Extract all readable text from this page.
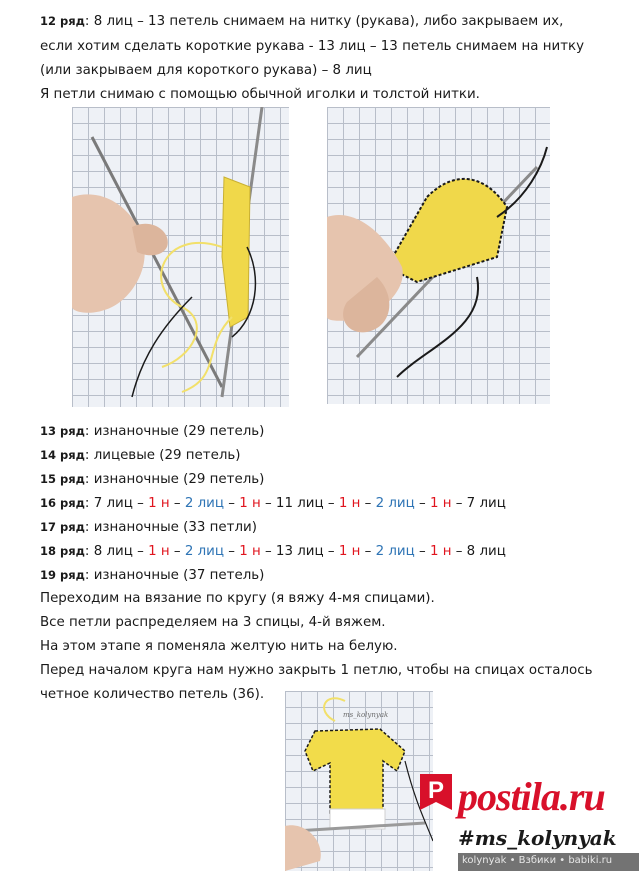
12 ряд: 8 лиц – 13 петель снимаем на нитку (рукава), либо закрываем их,
если хотим сделать короткие рукава - 13 лиц – 13 петель снимаем на нитку
(или закрываем для короткого рукава) – 8 лиц
Я петли снимаю с помощью обычной иголки и толстой нитки.
13 ряд: изнаночные (29 петель)
14 ряд: лицевые (29 петель)
15 ряд: изнаночные (29 петель)
16 ряд: 7 лиц – 1 н – 2 лиц – 1 н – 11 лиц – 1 н – 2 лиц – 1 н – 7 лиц
17 ряд: изнаночные (33 петли)
18 ряд: 8 лиц – 1 н – 2 лиц – 1 н – 13 лиц – 1 н – 2 лиц – 1 н – 8 лиц
19 ряд: изнаночные (37 петель)
Переходим на вязание по кругу (я вяжу 4-мя спицами).
Все петли распределяем на 3 спицы, 4-й вяжем.
На этом этапе я поменяла желтую нить на белую.
Перед началом круга нам нужно закрыть 1 петлю, чтобы на спицах осталось
четное количество петель (36).
ms_kolynyak
P postila.ru
#ms_kolynyak
kolynyak • Взбики • babiki.ru
